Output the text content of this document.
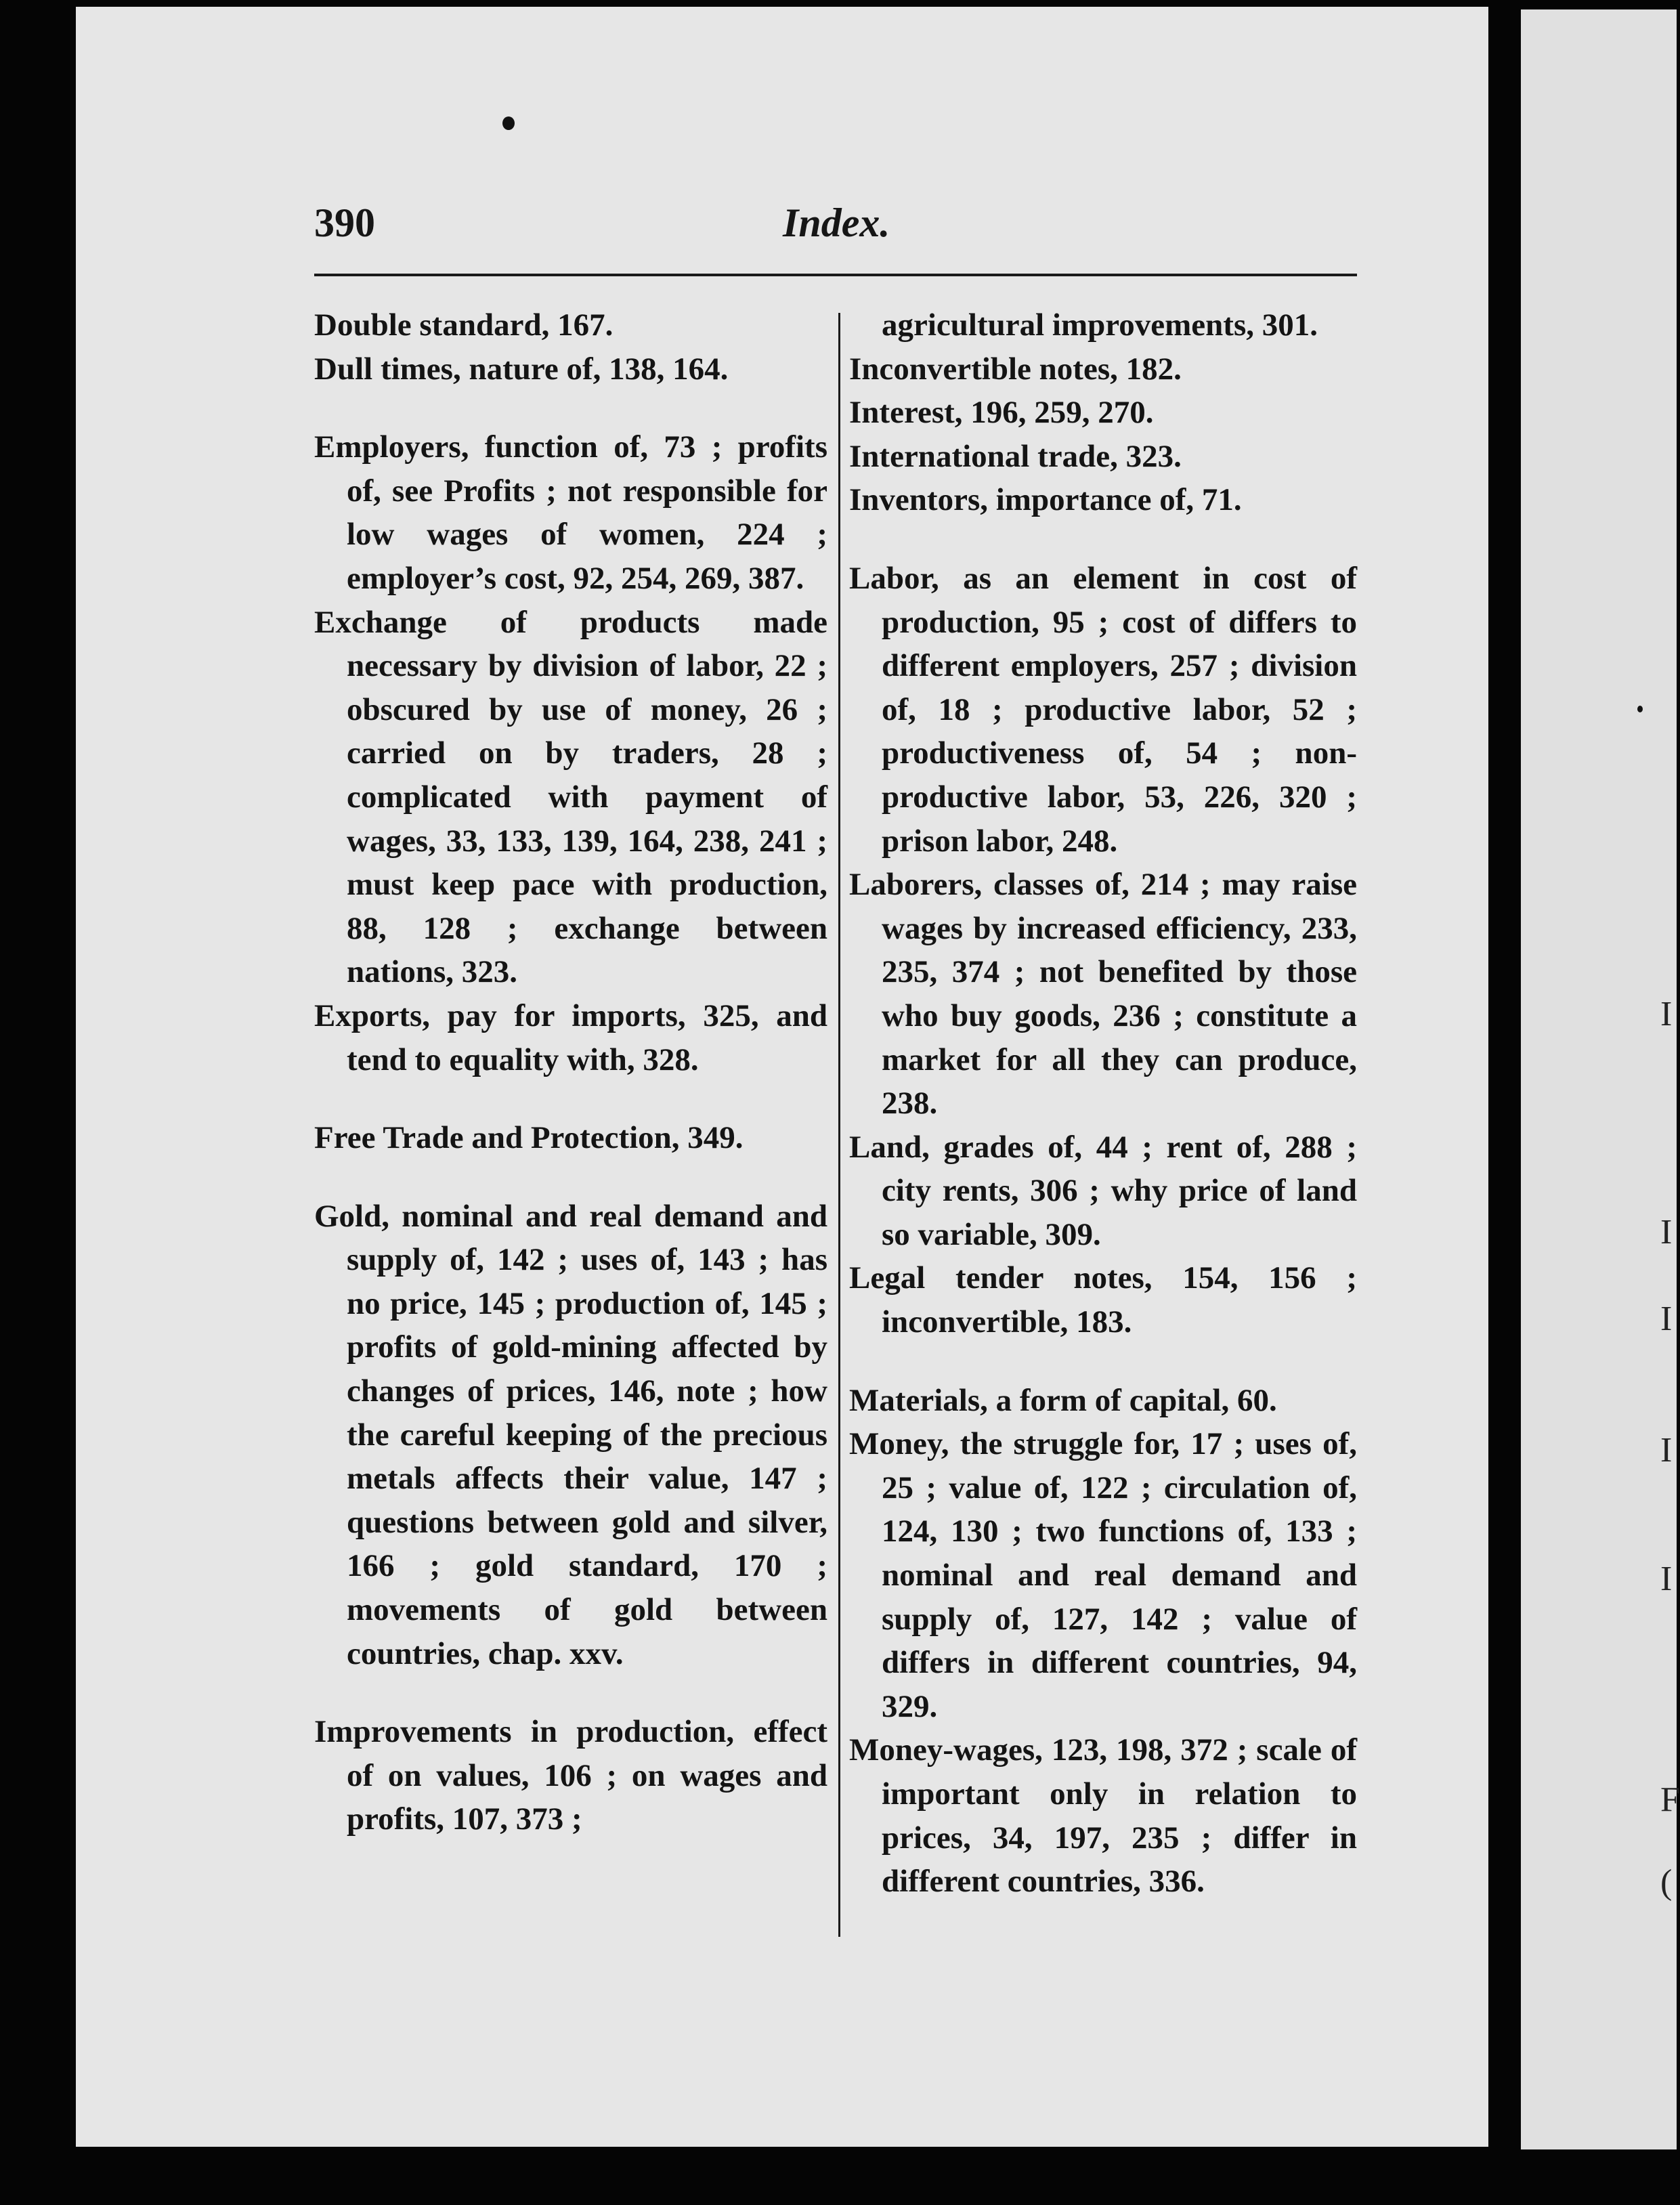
I
I
I
I
I
F
(
390	Index.
Double standard, 167.
Dull times, nature of, 138, 164.
Employers, function of, 73 ; profits of, see Profits ; not responsible for low wages of women, 224 ; employer’s cost, 92, 254, 269, 387.
Exchange of products made necessary by division of labor, 22 ; obscured by use of money, 26 ; carried on by traders, 28 ; complicated with payment of wages, 33, 133, 139, 164, 238, 241 ; must keep pace with production, 88, 128 ; exchange between nations, 323.
Exports, pay for imports, 325, and tend to equality with, 328.
Free Trade and Protection, 349.
Gold, nominal and real demand and supply of, 142 ; uses of, 143 ; has no price, 145 ; production of, 145 ; profits of gold-mining affected by changes of prices, 146, note ; how the careful keeping of the precious metals affects their value, 147 ; questions between gold and silver, 166 ; gold standard, 170 ; movements of gold between countries, chap. xxv.
Improvements in production, effect of on values, 106 ; on wages and profits, 107, 373 ;
agricultural improvements, 301.
Inconvertible notes, 182.
Interest, 196, 259, 270.
International trade, 323.
Inventors, importance of, 71.
Labor, as an element in cost of production, 95 ; cost of differs to different employers, 257 ; division of, 18 ; productive labor, 52 ; productiveness of, 54 ; non-productive labor, 53, 226, 320 ; prison labor, 248.
Laborers, classes of, 214 ; may raise wages by increased efficiency, 233, 235, 374 ; not benefited by those who buy goods, 236 ; constitute a market for all they can produce, 238.
Land, grades of, 44 ; rent of, 288 ; city rents, 306 ; why price of land so variable, 309.
Legal tender notes, 154, 156 ; inconvertible, 183.
Materials, a form of capital, 60.
Money, the struggle for, 17 ; uses of, 25 ; value of, 122 ; circulation of, 124, 130 ; two functions of, 133 ; nominal and real demand and supply of, 127, 142 ; value of differs in different countries, 94, 329.
Money-wages, 123, 198, 372 ; scale of important only in relation to prices, 34, 197, 235 ; differ in different countries, 336.
